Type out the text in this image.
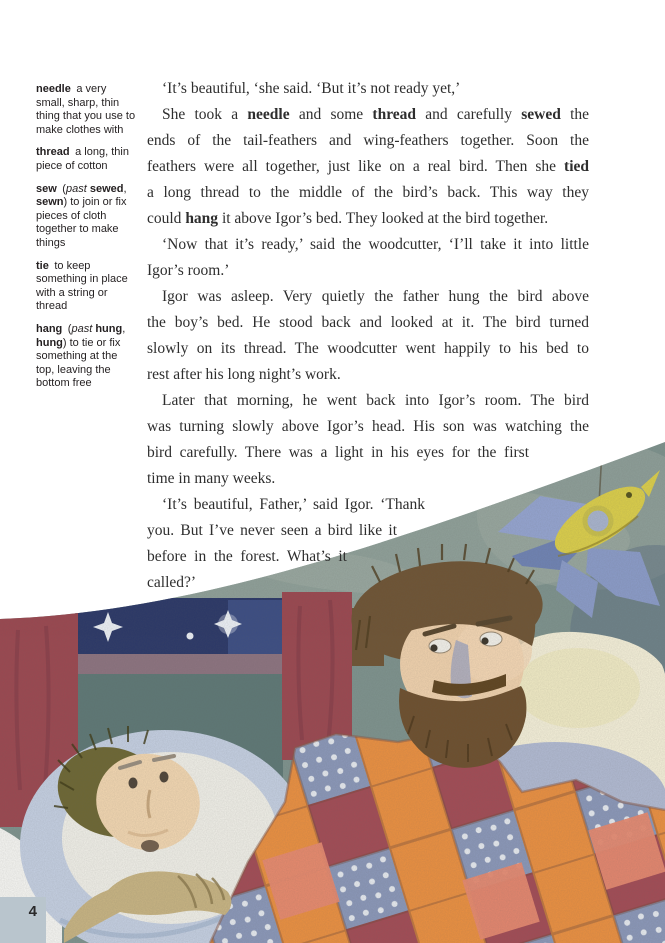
needle a very small, sharp, thin thing that you use to make clothes with
thread a long, thin piece of cotton
sew (past sewed, sewn) to join or fix pieces of cloth together to make things
tie to keep something in place with a string or thread
hang (past hung, hung) to tie or fix something at the top, leaving the bottom free
‘It’s beautiful, ‘she said. ‘But it’s not ready yet,’
She took a needle and some thread and carefully sewed the
ends of the tail-feathers and wing-feathers together. Soon the
feathers were all together, just like on a real bird. Then she tied
a long thread to the middle of the bird’s back. This way they
could hang it above Igor’s bed. They looked at the bird together.
‘Now that it’s ready,’ said the woodcutter, ‘I’ll take it into little
Igor’s room.’
Igor was asleep. Very quietly the father hung the bird above
the boy’s bed. He stood back and looked at it. The bird turned
slowly on its thread. The woodcutter went happily to his bed to
rest after his long night’s work.
Later that morning, he went back into Igor’s room. The bird
was turning slowly above Igor’s head. His son was watching the
bird carefully. There was a light in his eyes for the first
time in many weeks.
‘It’s beautiful, Father,’ said Igor. ‘Thank
you. But I’ve never seen a bird like it
before in the forest. What’s it
called?’
4
